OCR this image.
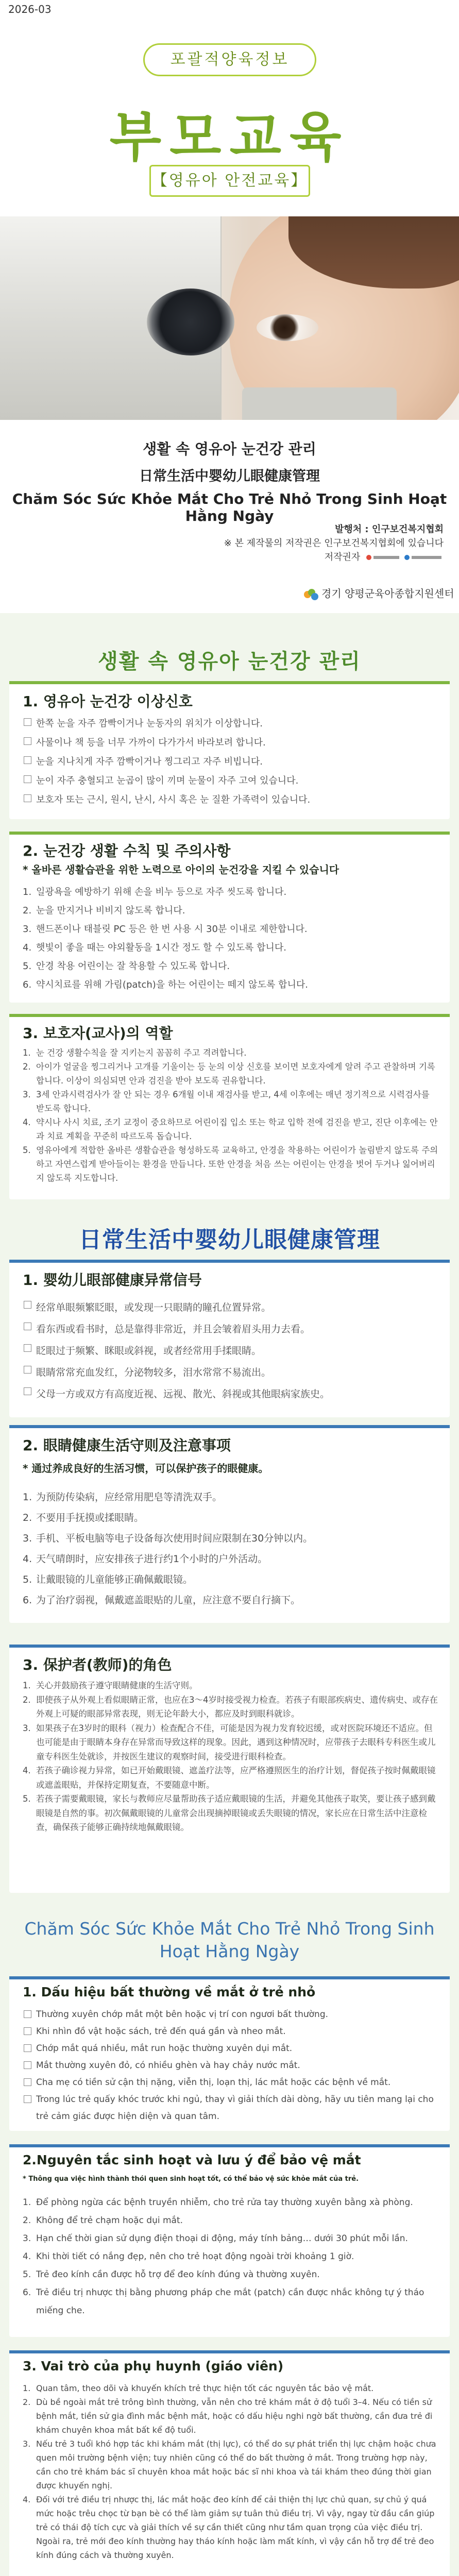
2026-03
포괄적양육정보
부모교육
【영유아 안전교육】
생활 속 영유아 눈건강 관리
日常生活中婴幼儿眼健康管理
Chăm Sóc Sức Khỏe Mắt Cho Trẻ Nhỏ Trong Sinh Hoạt Hằng Ngày
발행처 : 인구보건복지협회
※ 본 제작물의 저작권은 인구보건복지협회에 있습니다
저작권자
경기 양평군육아종합지원센터
생활 속 영유아 눈건강 관리
1. 영유아 눈건강 이상신호
한쪽 눈을 자주 깜빡이거나 눈동자의 위치가 이상합니다.
사물이나 책 등을 너무 가까이 다가가서 바라보려 합니다.
눈을 지나치게 자주 깜빡이거나 찡그리고 자주 비빕니다.
눈이 자주 충혈되고 눈곱이 많이 끼며 눈물이 자주 고여 있습니다.
보호자 또는 근시, 원시, 난시, 사시 혹은 눈 질환 가족력이 있습니다.
2. 눈건강 생활 수칙 및 주의사항
* 올바른 생활습관을 위한 노력으로 아이의 눈건강을 지킬 수 있습니다
일광욕을 예방하기 위해 손을 비누 등으로 자주 씻도록 합니다.
눈을 만지거나 비비지 않도록 합니다.
핸드폰이나 태블릿 PC 등은 한 번 사용 시 30분 이내로 제한합니다.
햇빛이 좋을 때는 야외활동을 1시간 정도 할 수 있도록 합니다.
안경 착용 어린이는 잘 착용할 수 있도록 합니다.
약시치료를 위해 가림(patch)을 하는 어린이는 떼지 않도록 합니다.
3. 보호자(교사)의 역할
눈 건강 생활수칙을 잘 지키는지 꼼꼼히 주고 격려합니다.
아이가 얼굴을 찡그리거나 고개를 기울이는 등 눈의 이상 신호를 보이면 보호자에게 알려 주고 관찰하며 기록합니다. 이상이 의심되면 안과 검진을 받아 보도록 권유합니다.
3세 안과시력검사가 잘 안 되는 경우 6개월 이내 재검사를 받고, 4세 이후에는 매년 정기적으로 시력검사를 받도록 합니다.
약시나 사시 치료, 조기 교정이 중요하므로 어린이집 입소 또는 학교 입학 전에 검진을 받고, 진단 이후에는 안과 치료 계획을 꾸준히 따르도록 돕습니다.
영유아에게 적합한 올바른 생활습관을 형성하도록 교육하고, 안경을 착용하는 어린이가 놀림받지 않도록 주의하고 자연스럽게 받아들이는 환경을 만듭니다. 또한 안경을 처음 쓰는 어린이는 안경을 벗어 두거나 잃어버리지 않도록 지도합니다.
日常生活中婴幼儿眼健康管理
1. 婴幼儿眼部健康异常信号
经常单眼频繁眨眼，或发现一只眼睛的瞳孔位置异常。
看东西或看书时，总是靠得非常近，并且会皱着眉头用力去看。
眨眼过于频繁、眯眼或斜视，或者经常用手揉眼睛。
眼睛常常充血发红，分泌物较多，泪水常常不易流出。
父母一方或双方有高度近视、远视、散光、斜视或其他眼病家族史。
2. 眼睛健康生活守则及注意事项
* 通过养成良好的生活习惯，可以保护孩子的眼健康。
为预防传染病，应经常用肥皂等清洗双手。
不要用手抚摸或揉眼睛。
手机、平板电脑等电子设备每次使用时间应限制在30分钟以内。
天气晴朗时，应安排孩子进行约1个小时的户外活动。
让戴眼镜的儿童能够正确佩戴眼镜。
为了治疗弱视，佩戴遮盖眼贴的儿童，应注意不要自行摘下。
3. 保护者(教师)的角色
关心并鼓励孩子遵守眼睛健康的生活守则。
即使孩子从外观上看似眼睛正常，也应在3～4岁时接受视力检查。若孩子有眼部疾病史、遗传病史、或存在外观上可疑的眼部异常表现，则无论年龄大小，都应及时到眼科就诊。
如果孩子在3岁时的眼科（视力）检查配合不佳，可能是因为视力发育较迟缓，或对医院环境还不适应。但也可能是由于眼睛本身存在异常而导致这样的现象。因此，遇到这种情况时，应带孩子去眼科专科医生或儿童专科医生处就诊，并按医生建议的观察时间，接受进行眼科检查。
若孩子确诊视力异常，如已开始戴眼镜、遮盖疗法等，应严格遵照医生的治疗计划，督促孩子按时佩戴眼镜或遮盖眼贴，并保持定期复查，不要随意中断。
若孩子需要戴眼镜，家长与教师应尽量帮助孩子适应戴眼镜的生活，并避免其他孩子取笑，要让孩子感到戴眼镜是自然的事。初次佩戴眼镜的儿童常会出现摘掉眼镜或丢失眼镜的情况，家长应在日常生活中注意检查，确保孩子能够正确持续地佩戴眼镜。
Chăm Sóc Sức Khỏe Mắt Cho Trẻ Nhỏ Trong Sinh Hoạt Hằng Ngày
1. Dấu hiệu bất thường về mắt ở trẻ nhỏ
Thường xuyên chớp mắt một bên hoặc vị trí con ngươi bất thường.
Khi nhìn đồ vật hoặc sách, trẻ đến quá gần và nheo mắt.
Chớp mắt quá nhiều, mắt run hoặc thường xuyên dụi mắt.
Mắt thường xuyên đỏ, có nhiều ghèn và hay chảy nước mắt.
Cha mẹ có tiền sử cận thị nặng, viễn thị, loạn thị, lác mắt hoặc các bệnh về mắt.
Trong lúc trẻ quấy khóc trước khi ngủ, thay vì giải thích dài dòng, hãy ưu tiên mang lại cho trẻ cảm giác được hiện diện và quan tâm.
2.Nguyên tắc sinh hoạt và lưu ý để bảo vệ mắt
* Thông qua việc hình thành thói quen sinh hoạt tốt, có thể bảo vệ sức khỏe mắt của trẻ.
Để phòng ngừa các bệnh truyền nhiễm, cho trẻ rửa tay thường xuyên bằng xà phòng.
Không để trẻ chạm hoặc dụi mắt.
Hạn chế thời gian sử dụng điện thoại di động, máy tính bảng… dưới 30 phút mỗi lần.
Khi thời tiết có nắng đẹp, nên cho trẻ hoạt động ngoài trời khoảng 1 giờ.
Trẻ đeo kính cần được hỗ trợ để đeo kính đúng và thường xuyên.
Trẻ điều trị nhược thị bằng phương pháp che mắt (patch) cần được nhắc không tự ý tháo miếng che.
3. Vai trò của phụ huynh (giáo viên)
Quan tâm, theo dõi và khuyến khích trẻ thực hiện tốt các nguyên tắc bảo vệ mắt.
Dù bề ngoài mắt trẻ trông bình thường, vẫn nên cho trẻ khám mắt ở độ tuổi 3–4. Nếu có tiền sử bệnh mắt, tiền sử gia đình mắc bệnh mắt, hoặc có dấu hiệu nghi ngờ bất thường, cần đưa trẻ đi khám chuyên khoa mắt bất kể độ tuổi.
Nếu trẻ 3 tuổi khó hợp tác khi khám mắt (thị lực), có thể do sự phát triển thị lực chậm hoặc chưa quen môi trường bệnh viện; tuy nhiên cũng có thể do bất thường ở mắt. Trong trường hợp này, cần cho trẻ khám bác sĩ chuyên khoa mắt hoặc bác sĩ nhi khoa và tái khám theo đúng thời gian được khuyến nghị.
Đối với trẻ điều trị nhược thị, lác mắt hoặc đeo kính để cải thiện thị lực chủ quan, sự chủ ý quá mức hoặc trêu chọc từ bạn bè có thể làm giảm sự tuân thủ điều trị. Vì vậy, ngay từ đầu cần giúp trẻ có thái độ tích cực và giải thích về sự cần thiết cũng như tầm quan trọng của việc điều trị. Ngoài ra, trẻ mới đeo kính thường hay tháo kính hoặc làm mất kính, vì vậy cần hỗ trợ để trẻ đeo kính đúng cách và thường xuyên.
